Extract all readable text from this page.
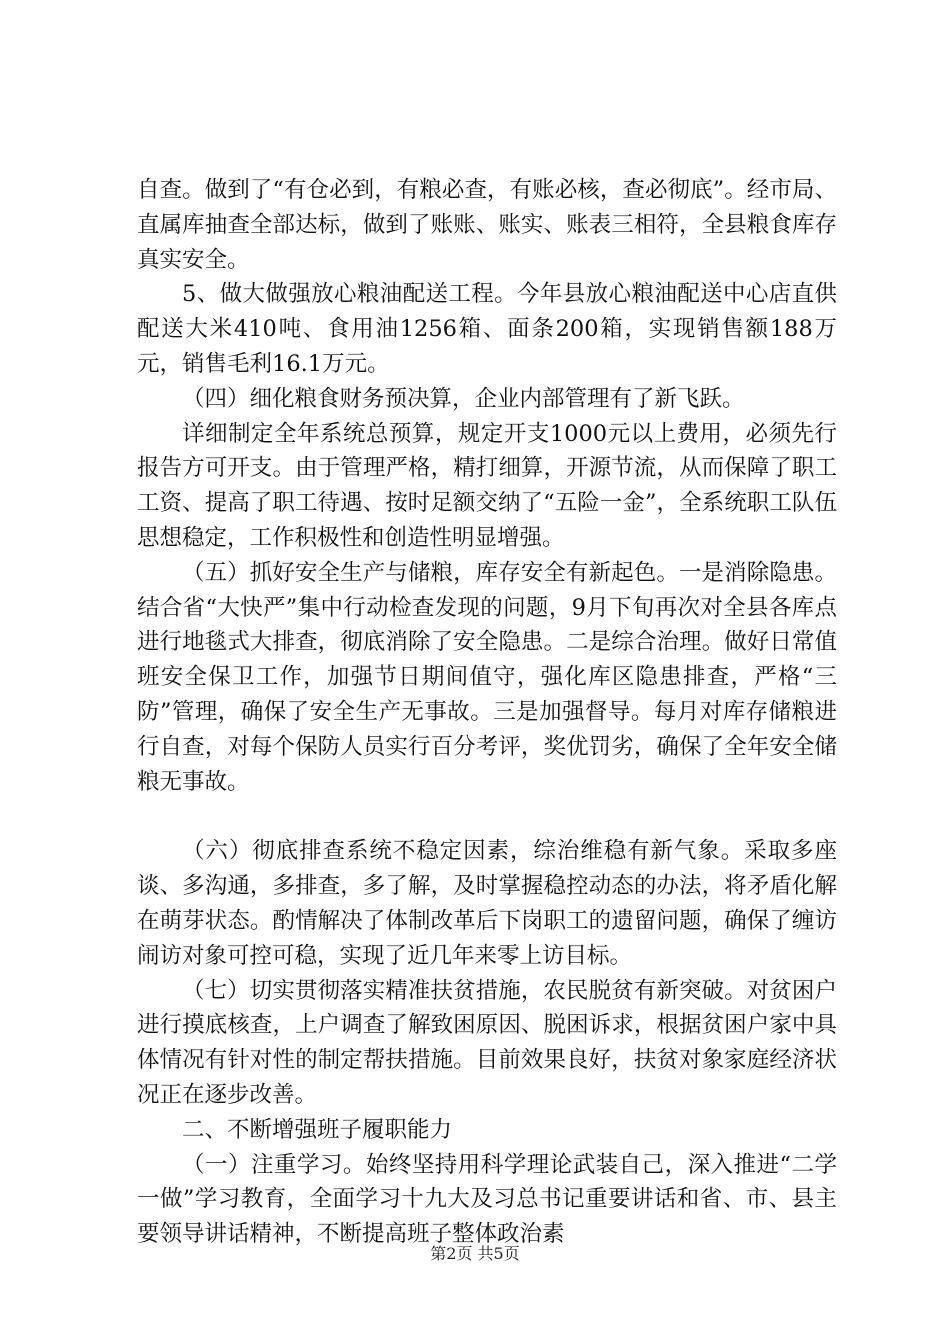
自查。做到了“有仓必到，有粮必查，有账必核，查必彻底”。经市局、直属库抽查全部达标，做到了账账、账实、账表三相符，全县粮食库存真实安全。

5、做大做强放心粮油配送工程。今年县放心粮油配送中心店直供配送大米410吨、食用油1256箱、面条200箱，实现销售额188万元，销售毛利16.1万元。

（四）细化粮食财务预决算，企业内部管理有了新飞跃。

详细制定全年系统总预算，规定开支1000元以上费用，必须先行报告方可开支。由于管理严格，精打细算，开源节流，从而保障了职工工资、提高了职工待遇、按时足额交纳了“五险一金”，全系统职工队伍思想稳定，工作积极性和创造性明显增强。

（五）抓好安全生产与储粮，库存安全有新起色。一是消除隐患。结合省“大快严”集中行动检查发现的问题，9月下旬再次对全县各库点进行地毯式大排查，彻底消除了安全隐患。二是综合治理。做好日常值班安全保卫工作，加强节日期间值守，强化库区隐患排查，严格“三防”管理，确保了安全生产无事故。三是加强督导。每月对库存储粮进行自查，对每个保防人员实行百分考评，奖优罚劣，确保了全年安全储粮无事故。

（六）彻底排查系统不稳定因素，综治维稳有新气象。采取多座谈、多沟通，多排查，多了解，及时掌握稳控动态的办法，将矛盾化解在萌芽状态。酌情解决了体制改革后下岗职工的遗留问题，确保了缠访闹访对象可控可稳，实现了近几年来零上访目标。

（七）切实贯彻落实精准扶贫措施，农民脱贫有新突破。对贫困户进行摸底核查，上户调查了解致困原因、脱困诉求，根据贫困户家中具体情况有针对性的制定帮扶措施。目前效果良好，扶贫对象家庭经济状况正在逐步改善。

二、不断增强班子履职能力

（一）注重学习。始终坚持用科学理论武装自己，深入推进“二学一做”学习教育，全面学习十九大及习总书记重要讲话和省、市、县主要领导讲话精神，不断提高班子整体政治素

第2页 共5页
